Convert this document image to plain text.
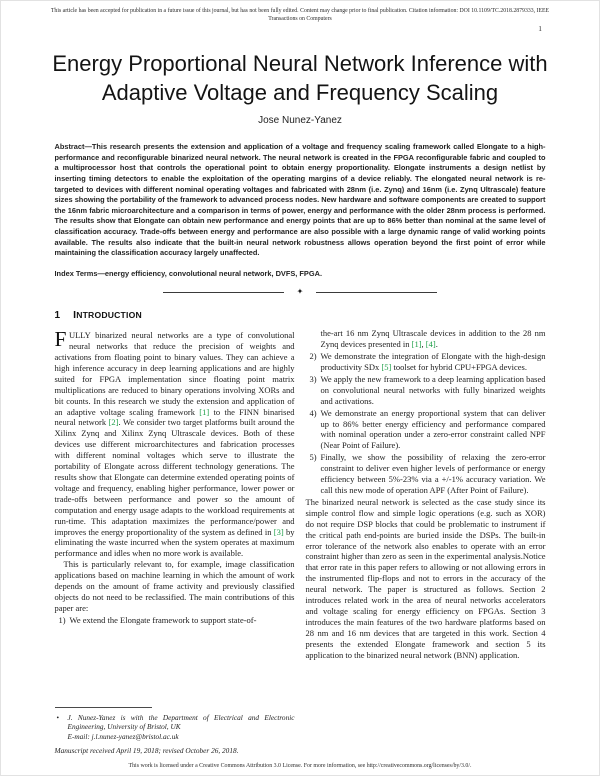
This article has been accepted for publication in a future issue of this journal, but has not been fully edited. Content may change prior to final publication. Citation information: DOI 10.1109/TC.2018.2879333, IEEE
Transactions on Computers
1
Energy Proportional Neural Network Inference with Adaptive Voltage and Frequency Scaling
Jose Nunez-Yanez
Abstract—This research presents the extension and application of a voltage and frequency scaling framework called Elongate to a high-performance and reconfigurable binarized neural network. The neural network is created in the FPGA reconfigurable fabric and coupled to a multiprocessor host that controls the operational point to obtain energy proportionality. Elongate instruments a design netlist by inserting timing detectors to enable the exploitation of the operating margins of a device reliably. The elongated neural network is re-targeted to devices with different nominal operating voltages and fabricated with 28nm (i.e. Zynq) and 16nm (i.e. Zynq Ultrascale) feature sizes showing the portability of the framework to advanced process nodes. New hardware and software components are created to support the 16nm fabric microarchitecture and a comparison in terms of power, energy and performance with the older 28nm process is performed. The results show that Elongate can obtain new performance and energy points that are up to 86% better than nominal at the same level of classification accuracy. Trade-offs between energy and performance are also possible with a large dynamic range of valid working points available. The results also indicate that the built-in neural network robustness allows operation beyond the first point of error while maintaining the classification accuracy largely unaffected.
Index Terms—energy efficiency, convolutional neural network, DVFS, FPGA.
✦
1 INTRODUCTION

FULLY binarized neural networks are a type of convolutional neural networks that reduce the precision of weights and activations from floating point to binary values. They can achieve a high inference accuracy in deep learning applications and are highly suited for FPGA implementation since floating point matrix multiplications are reduced to binary operations involving XORs and bit counts. In this research we study the extension and application of an adaptive voltage scaling framework [1] to the FINN binarised neural network [2]. We consider two target platforms built around the Xilinx Zynq and Xilinx Zynq Ultrascale devices. Both of these devices use different microarchitectures and fabrication processes with different nominal voltages which serve to illustrate the portability of Elongate across different technology generations. The results show that Elongate can determine extended operating points of voltage and frequency, enabling higher performance, lower power or trade-offs between performance and power so the amount of computation and energy usage adapts to the workload requirements at run-time. This adaptation maximizes the performance/power and improves the energy proportionality of the system as defined in [3] by eliminating the waste incurred when the system operates at maximum performance and idles when no more work is available.

This is particularly relevant to, for example, image classification applications based on machine learning in which the amount of work depends on the amount of frame activity and previously classified objects do not need to be reclassified. The main contributions of this paper are:

1) We extend the Elongate framework to support state-of-
•	J. Nunez-Yanez is with the Department of Electrical and Electronic Engineering, University of Bristol, UK
E-mail: j.l.nunez-yanez@bristol.ac.uk
Manuscript received April 19, 2018; revised October 26, 2018.
the-art 16 nm Zynq Ultrascale devices in addition to the 28 nm Zynq devices presented in [1], [4].
2) We demonstrate the integration of Elongate with the high-design productivity SDx [5] toolset for hybrid CPU+FPGA devices.
3) We apply the new framework to a deep learning application based on convolutional neural networks with fully binarized weights and activations.
4) We demonstrate an energy proportional system that can deliver up to 86% better energy efficiency and performance compared with nominal operation under a zero-error constraint called NPF (Near Point of Failure).
5) Finally, we show the possibility of relaxing the zero-error constraint to deliver even higher levels of performance or energy efficiency between 5%-23% via a +/-1% accuracy variation. We call this new mode of operation APF (After Point of Failure).

The binarized neural network is selected as the case study since its simple control flow and simple logic operations (e.g. such as XOR) do not require DSP blocks that could be problematic to instrument if the critical path end-points are buried inside the DSPs. The built-in error tolerance of the network also enables to operate with an error constraint higher than zero as seen in the experimental analysis.Notice that error rate in this paper refers to allowing or not allowing errors in the instrumented flip-flops and not to errors in the accuracy of the neural network. The paper is structured as follows. Section 2 introduces related work in the area of neural networks accelerators and voltage scaling for energy efficiency on FPGAs. Section 3 introduces the main features of the two hardware platforms based on 28 nm and 16 nm devices that are targeted in this work. Section 4 presents the extended Elongate framework and section 5 its application to the binarized neural network (BNN) application.

This work is licensed under a Creative Commons Attribution 3.0 License. For more information, see http://creativecommons.org/licenses/by/3.0/.
